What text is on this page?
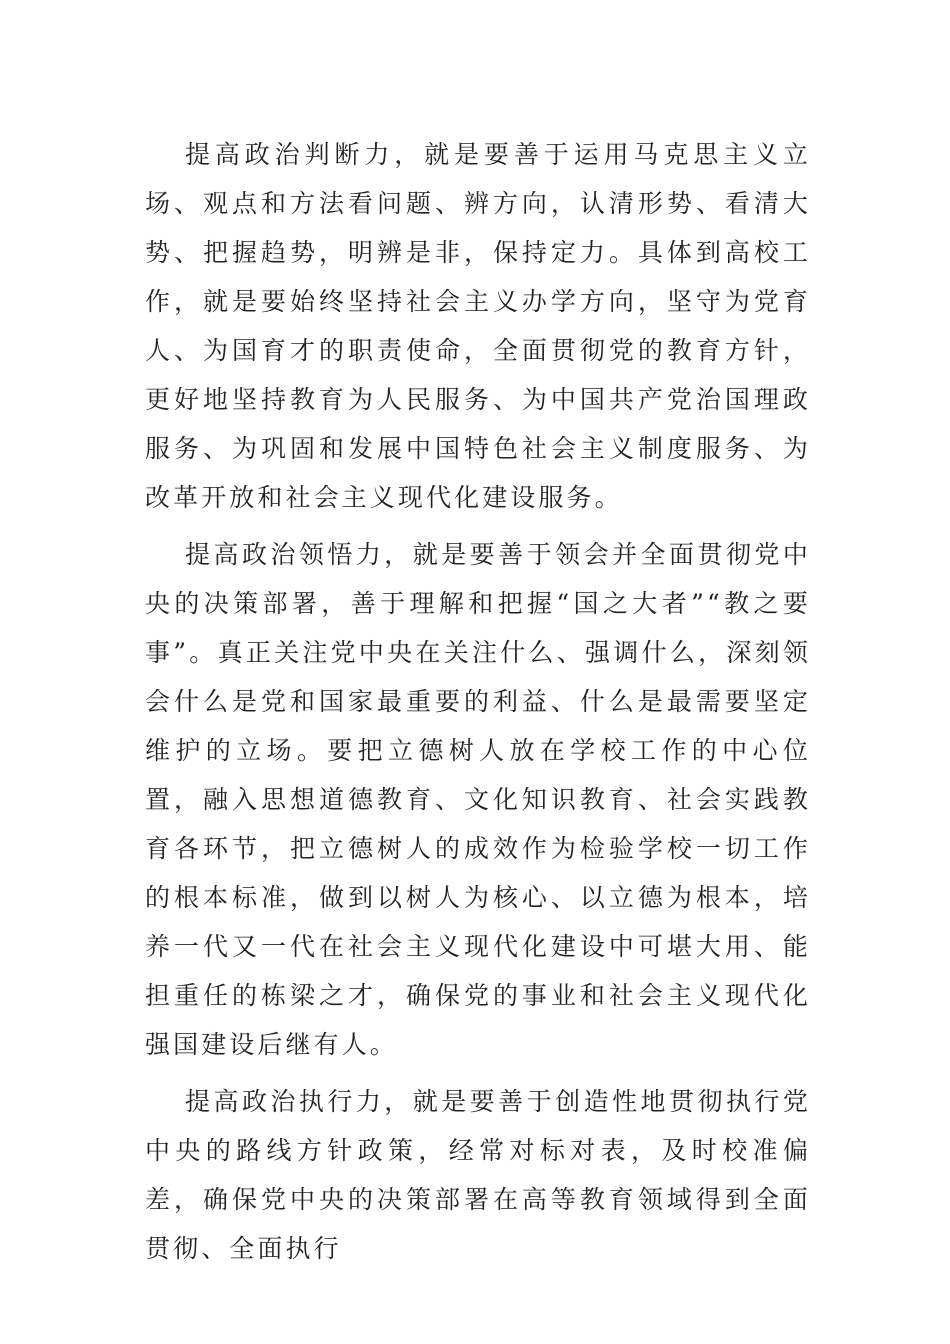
提高政治判断力，就是要善于运用马克思主义立场、观点和方法看问题、辨方向，认清形势、看清大势、把握趋势，明辨是非，保持定力。具体到高校工作，就是要始终坚持社会主义办学方向，坚守为党育人、为国育才的职责使命，全面贯彻党的教育方针，更好地坚持教育为人民服务、为中国共产党治国理政服务、为巩固和发展中国特色社会主义制度服务、为改革开放和社会主义现代化建设服务。

提高政治领悟力，就是要善于领会并全面贯彻党中央的决策部署，善于理解和把握“国之大者”“教之要事”。真正关注党中央在关注什么、强调什么，深刻领会什么是党和国家最重要的利益、什么是最需要坚定维护的立场。要把立德树人放在学校工作的中心位置，融入思想道德教育、文化知识教育、社会实践教育各环节，把立德树人的成效作为检验学校一切工作的根本标准，做到以树人为核心、以立德为根本，培养一代又一代在社会主义现代化建设中可堪大用、能担重任的栋梁之才，确保党的事业和社会主义现代化强国建设后继有人。

提高政治执行力，就是要善于创造性地贯彻执行党中央的路线方针政策，经常对标对表，及时校准偏差，确保党中央的决策部署在高等教育领域得到全面贯彻、全面执行
